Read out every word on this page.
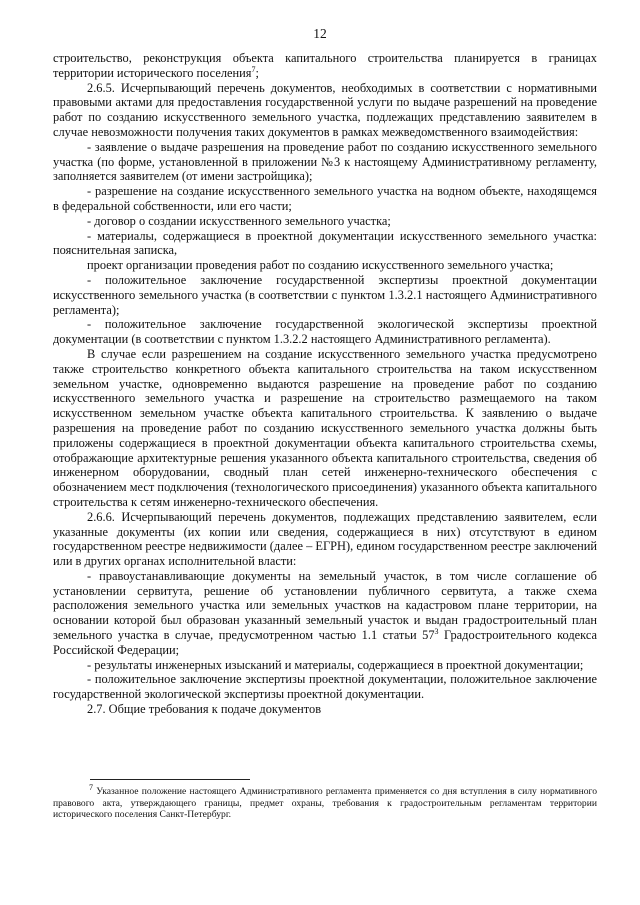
12

строительство, реконструкция объекта капитального строительства планируется в границах территории исторического поселения$^7$;

2.6.5. Исчерпывающий перечень документов, необходимых в соответствии с нормативными правовыми актами для предоставления государственной услуги по выдаче разрешений на проведение работ по созданию искусственного земельного участка, подлежащих представлению заявителем в случае невозможности получения таких документов в рамках межведомственного взаимодействия:

- заявление о выдаче разрешения на проведение работ по созданию искусственного земельного участка (по форме, установленной в приложении №3 к настоящему Административному регламенту, заполняется заявителем (от имени застройщика);

- разрешение на создание искусственного земельного участка на водном объекте, находящемся в федеральной собственности, или его части;

- договор о создании искусственного земельного участка;

- материалы, содержащиеся в проектной документации искусственного земельного участка: пояснительная записка,

проект организации проведения работ по созданию искусственного земельного участка;

- положительное заключение государственной экспертизы проектной документации искусственного земельного участка (в соответствии с пунктом 1.3.2.1 настоящего Административного регламента);

- положительное заключение государственной экологической экспертизы проектной документации (в соответствии с пунктом 1.3.2.2 настоящего Административного регламента).

В случае если разрешением на создание искусственного земельного участка предусмотрено также строительство конкретного объекта капитального строительства на таком искусственном земельном участке, одновременно выдаются разрешение на проведение работ по созданию искусственного земельного участка и разрешение на строительство размещаемого на таком искусственном земельном участке объекта капитального строительства. К заявлению о выдаче разрешения на проведение работ по созданию искусственного земельного участка должны быть приложены содержащиеся в проектной документации объекта капитального строительства схемы, отображающие архитектурные решения указанного объекта капитального строительства, сведения об инженерном оборудовании, сводный план сетей инженерно-технического обеспечения с обозначением мест подключения (технологического присоединения) указанного объекта капитального строительства к сетям инженерно-технического обеспечения.

2.6.6. Исчерпывающий перечень документов, подлежащих представлению заявителем, если указанные документы (их копии или сведения, содержащиеся в них) отсутствуют в едином государственном реестре недвижимости (далее – ЕГРН), едином государственном реестре заключений или в других органах исполнительной власти:

- правоустанавливающие документы на земельный участок, в том числе соглашение об установлении сервитута, решение об установлении публичного сервитута, а также схема расположения земельного участка или земельных участков на кадастровом плане территории, на основании которой был образован указанный земельный участок и выдан градостроительный план земельного участка в случае, предусмотренном частью 1.1 статьи $57^3$ Градостроительного кодекса Российской Федерации;

- результаты инженерных изысканий и материалы, содержащиеся в проектной документации;

- положительное заключение экспертизы проектной документации, положительное заключение государственной экологической экспертизы проектной документации.

2.7. Общие требования к подаче документов

$^7$ Указанное положение настоящего Административного регламента применяется со дня вступления в силу нормативного правового акта, утверждающего границы, предмет охраны, требования к градостроительным регламентам территории исторического поселения Санкт-Петербург.
